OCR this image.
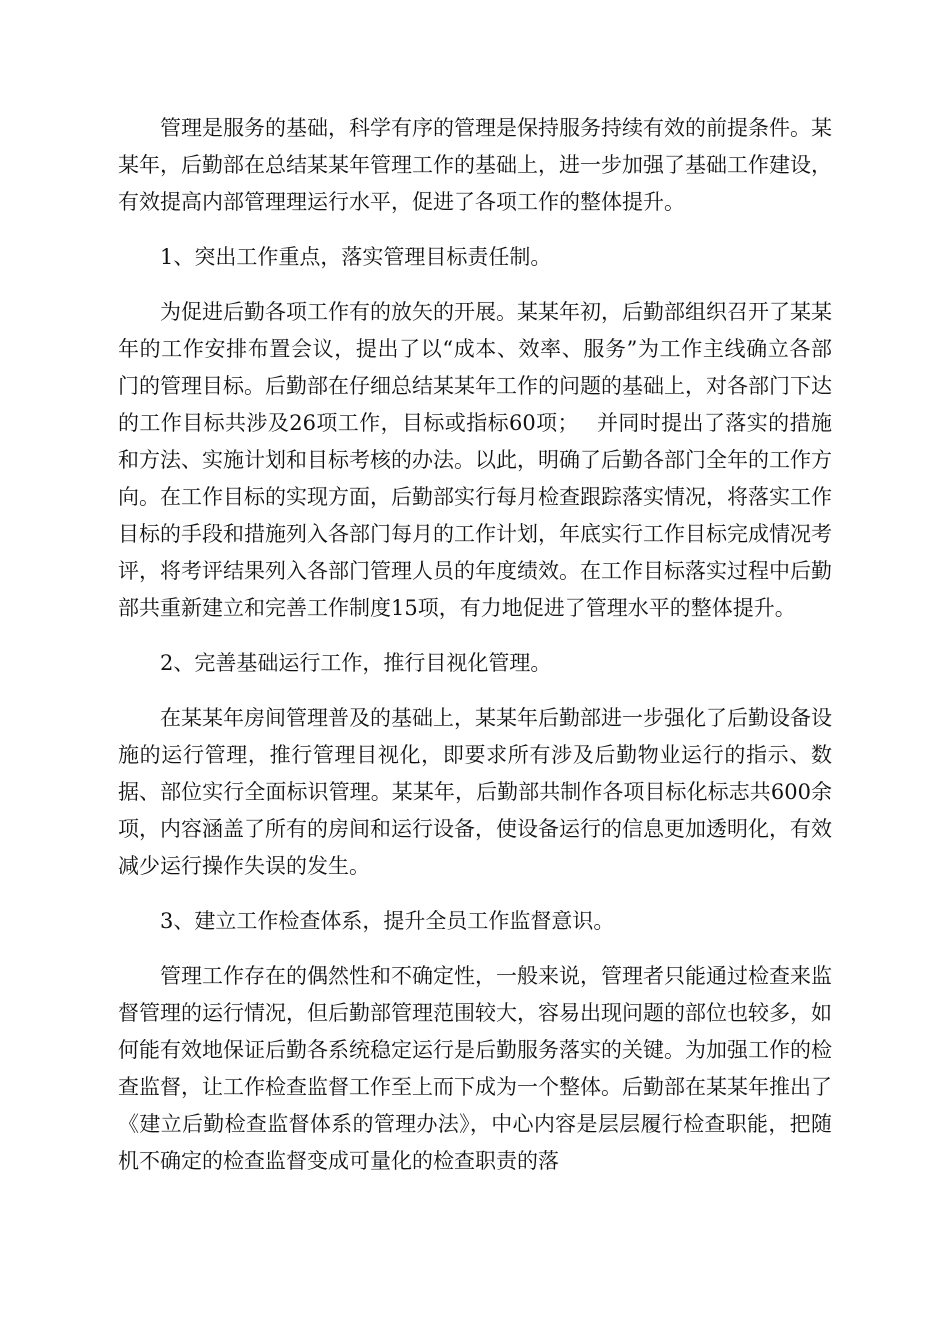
管理是服务的基础，科学有序的管理是保持服务持续有效的前提条件。某某年，后勤部在总结某某年管理工作的基础上，进一步加强了基础工作建设，有效提高内部管理理运行水平，促进了各项工作的整体提升。

1、突出工作重点，落实管理目标责任制。

为促进后勤各项工作有的放矢的开展。某某年初，后勤部组织召开了某某年的工作安排布置会议，提出了以“成本、效率、服务”为工作主线确立各部门的管理目标。后勤部在仔细总结某某年工作的问题的基础上，对各部门下达的工作目标共涉及26项工作，目标或指标60项；　 并同时提出了落实的措施和方法、实施计划和目标考核的办法。以此，明确了后勤各部门全年的工作方向。在工作目标的实现方面，后勤部实行每月检查跟踪落实情况，将落实工作目标的手段和措施列入各部门每月的工作计划，年底实行工作目标完成情况考评，将考评结果列入各部门管理人员的年度绩效。在工作目标落实过程中后勤部共重新建立和完善工作制度15项，有力地促进了管理水平的整体提升。

2、完善基础运行工作，推行目视化管理。

在某某年房间管理普及的基础上，某某年后勤部进一步强化了后勤设备设施的运行管理，推行管理目视化，即要求所有涉及后勤物业运行的指示、数据、部位实行全面标识管理。某某年，后勤部共制作各项目标化标志共600余项，内容涵盖了所有的房间和运行设备，使设备运行的信息更加透明化，有效减少运行操作失误的发生。

3、建立工作检查体系，提升全员工作监督意识。

管理工作存在的偶然性和不确定性，一般来说，管理者只能通过检查来监督管理的运行情况，但后勤部管理范围较大，容易出现问题的部位也较多，如何能有效地保证后勤各系统稳定运行是后勤服务落实的关键。为加强工作的检查监督，让工作检查监督工作至上而下成为一个整体。后勤部在某某年推出了《建立后勤检查监督体系的管理办法》，中心内容是层层履行检查职能，把随机不确定的检查监督变成可量化的检查职责的落
